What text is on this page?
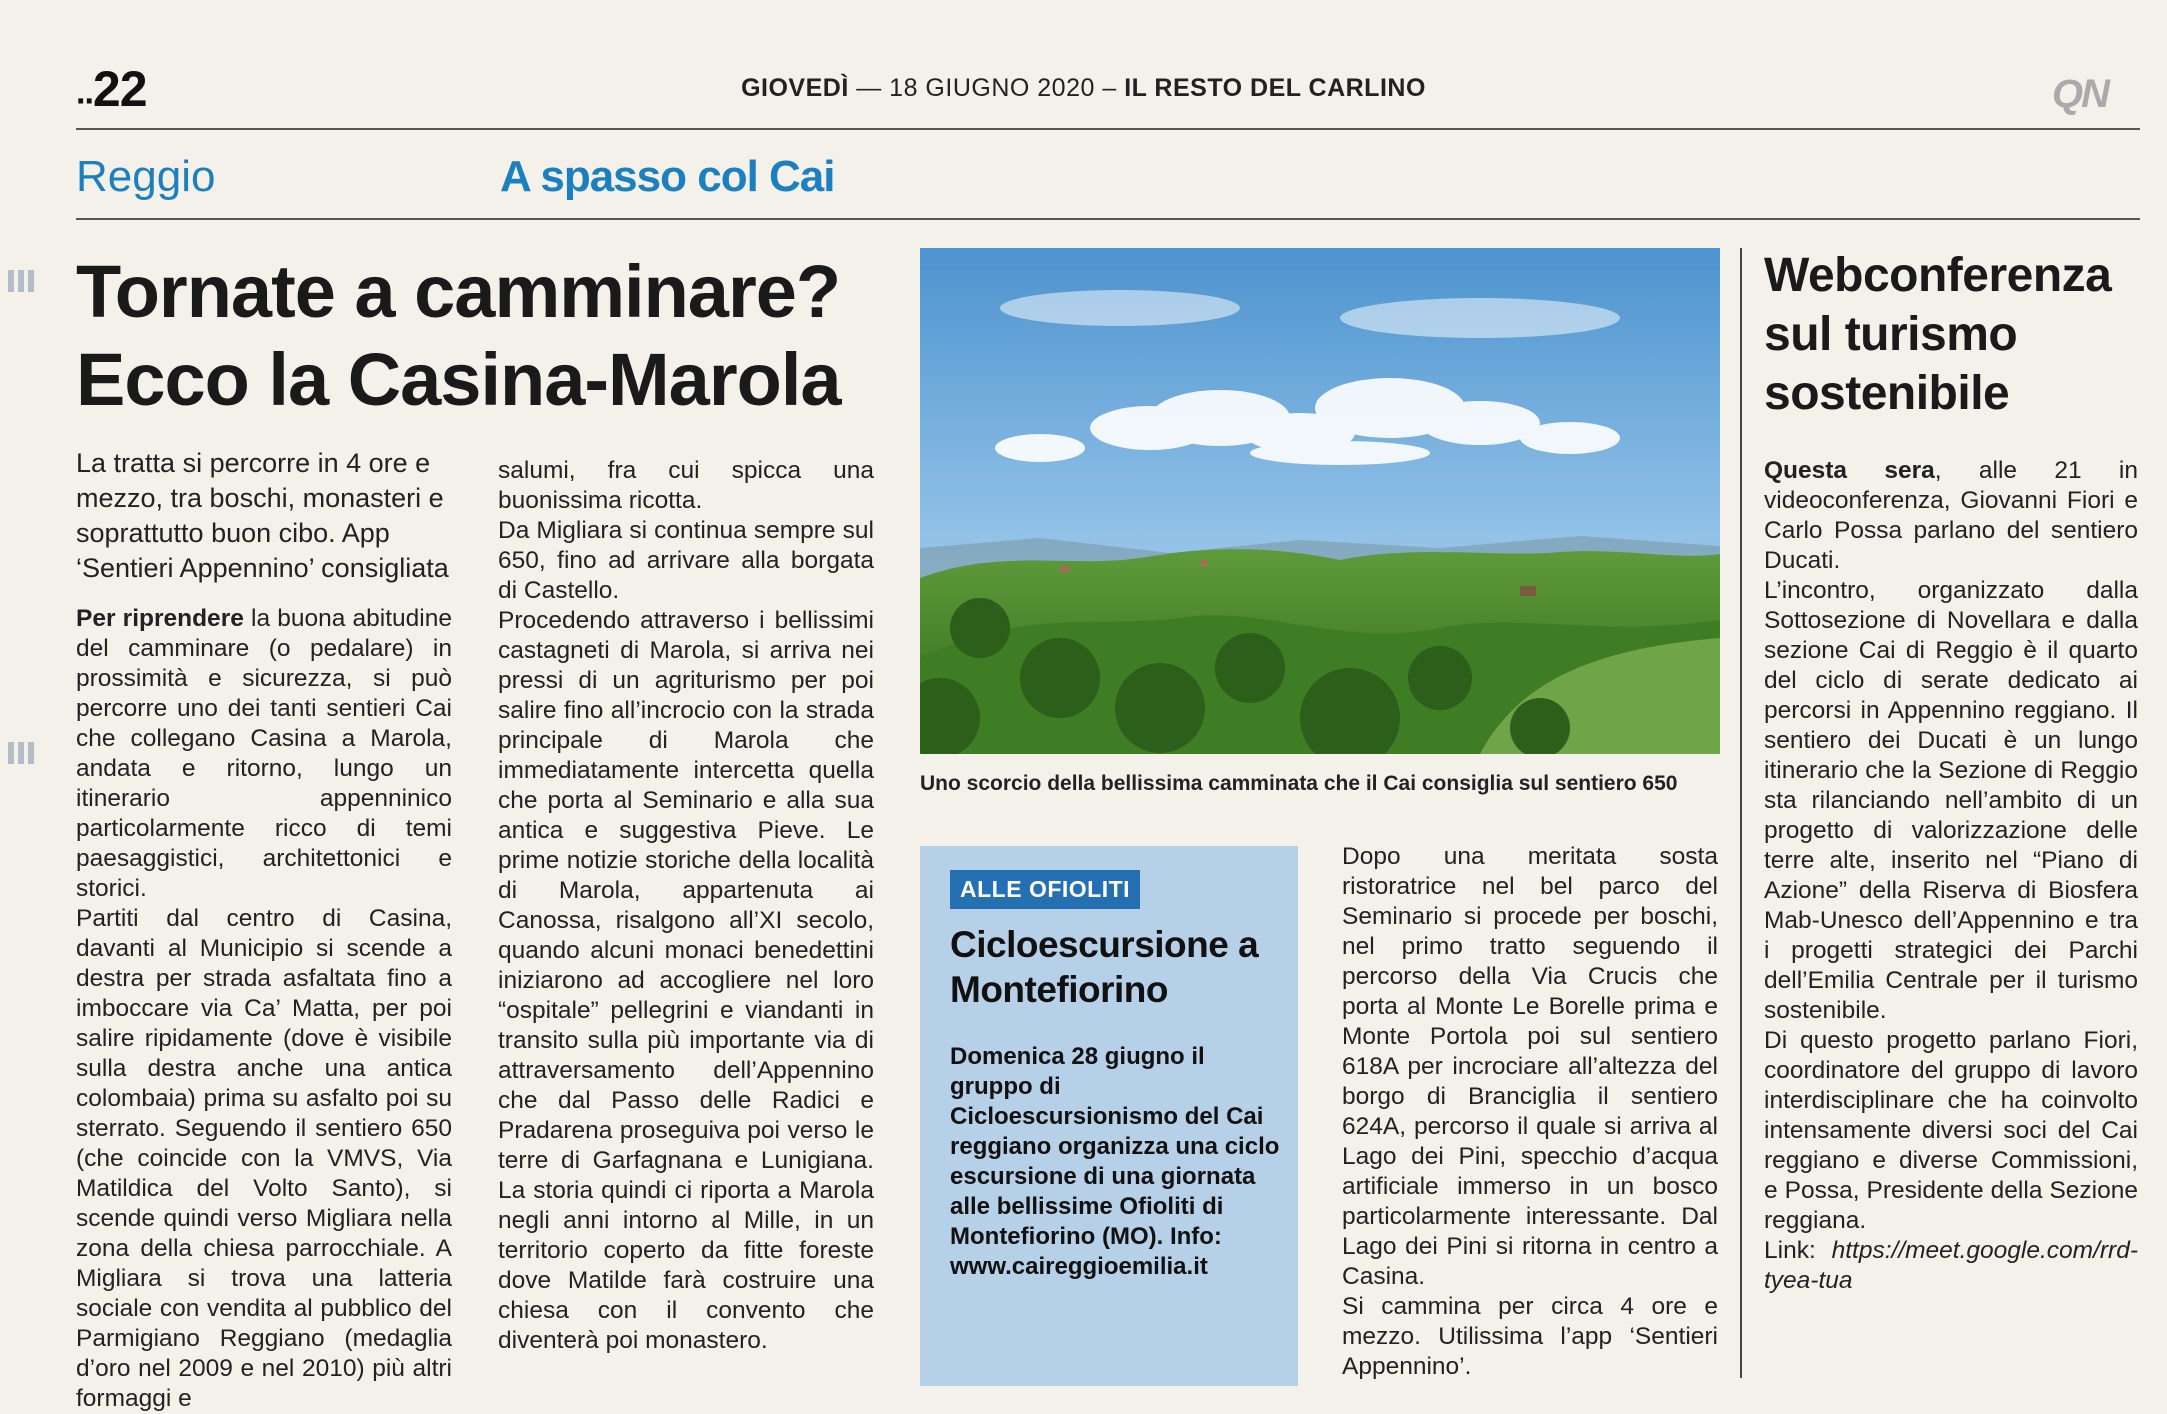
..22	GIOVEDÌ — 18 GIUGNO 2020 – IL RESTO DEL CARLINO	QN
Reggio	A spasso col Cai
Tornate a camminare?
Ecco la Casina-Marola
La tratta si percorre in 4 ore e mezzo, tra boschi, monasteri e soprattutto buon cibo. App ‘Sentieri Appennino’ consigliata

Per riprendere la buona abitudine del camminare (o pedalare) in prossimità e sicurezza, si può percorre uno dei tanti sentieri Cai che collegano Casina a Marola, andata e ritorno, lungo un itinerario appenninico particolarmente ricco di temi paesaggistici, architettonici e storici.

Partiti dal centro di Casina, davanti al Municipio si scende a destra per strada asfaltata fino a imboccare via Ca’ Matta, per poi salire ripidamente (dove è visibile sulla destra anche una antica colombaia) prima su asfalto poi su sterrato. Seguendo il sentiero 650 (che coincide con la VMVS, Via Matildica del Volto Santo), si scende quindi verso Migliara nella zona della chiesa parrocchiale. A Migliara si trova una latteria sociale con vendita al pubblico del Parmigiano Reggiano (medaglia d’oro nel 2009 e nel 2010) più altri formaggi e

salumi, fra cui spicca una buonissima ricotta.

Da Migliara si continua sempre sul 650, fino ad arrivare alla borgata di Castello.

Procedendo attraverso i bellissimi castagneti di Marola, si arriva nei pressi di un agriturismo per poi salire fino all’incrocio con la strada principale di Marola che immediatamente intercetta quella che porta al Seminario e alla sua antica e suggestiva Pieve. Le prime notizie storiche della località di Marola, appartenuta ai Canossa, risalgono all’XI secolo, quando alcuni monaci benedettini iniziarono ad accogliere nel loro “ospitale” pellegrini e viandanti in transito sulla più importante via di attraversamento dell’Appennino che dal Passo delle Radici e Pradarena proseguiva poi verso le terre di Garfagnana e Lunigiana. La storia quindi ci riporta a Marola negli anni intorno al Mille, in un territorio coperto da fitte foreste dove Matilde farà costruire una chiesa con il convento che diventerà poi monastero.

Uno scorcio della bellissima camminata che il Cai consiglia sul sentiero 650
ALLE OFIOLITI
Cicloescursione a Montefiorino
Domenica 28 giugno il gruppo di Cicloescursionismo del Cai reggiano organizza una ciclo escursione di una giornata alle bellissime Ofioliti di Montefiorino (MO). Info: www.caireggioemilia.it

Dopo una meritata sosta ristoratrice nel bel parco del Seminario si procede per boschi, nel primo tratto seguendo il percorso della Via Crucis che porta al Monte Le Borelle prima e Monte Portola poi sul sentiero 618A per incrociare all’altezza del borgo di Branciglia il sentiero 624A, percorso il quale si arriva al Lago dei Pini, specchio d’acqua artificiale immerso in un bosco particolarmente interessante. Dal Lago dei Pini si ritorna in centro a Casina.

Si cammina per circa 4 ore e mezzo. Utilissima l’app ‘Sentieri Appennino’.

Webconferenza sul turismo sostenibile

Questa sera, alle 21 in videoconferenza, Giovanni Fiori e Carlo Possa parlano del sentiero Ducati.

L’incontro, organizzato dalla Sottosezione di Novellara e dalla sezione Cai di Reggio è il quarto del ciclo di serate dedicato ai percorsi in Appennino reggiano. Il sentiero dei Ducati è un lungo itinerario che la Sezione di Reggio sta rilanciando nell’ambito di un progetto di valorizzazione delle terre alte, inserito nel “Piano di Azione” della Riserva di Biosfera Mab-Unesco dell’Appennino e tra i progetti strategici dei Parchi dell’Emilia Centrale per il turismo sostenibile.

Di questo progetto parlano Fiori, coordinatore del gruppo di lavoro interdisciplinare che ha coinvolto intensamente diversi soci del Cai reggiano e diverse Commissioni, e Possa, Presidente della Sezione reggiana.

Link: https://meet.google.com/rrd-tyea-tua
